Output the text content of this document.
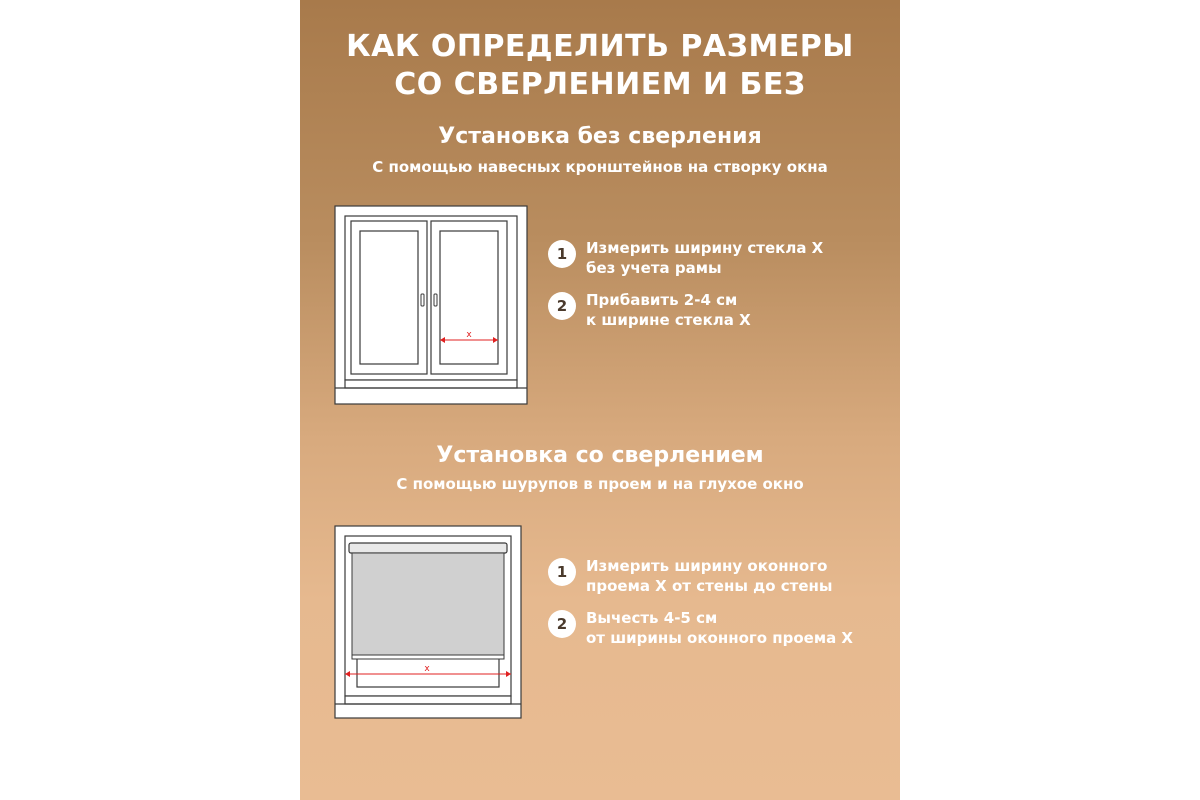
КАК ОПРЕДЕЛИТЬ РАЗМЕРЫ
СО СВЕРЛЕНИЕМ И БЕЗ
Установка без сверления
С помощью навесных кронштейнов на створку окна
x
1	Измерить ширину стекла X
без учета рамы
2	Прибавить 2-4 см
к ширине стекла X
Установка со сверлением
С помощью шурупов в проем и на глухое окно
x
1	Измерить ширину оконного
проема X от стены до стены
2	Вычесть 4-5 см
от ширины оконного проема X
